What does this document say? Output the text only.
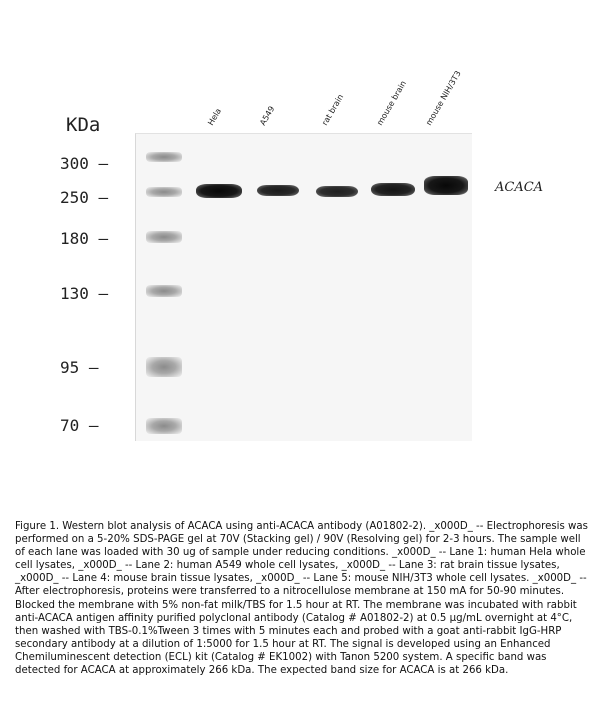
KDa
300 –
250 –
180 –
130 –
95 –
70 –
Hela	A549	rat brain	mouse brain mouse NIH/3T3
ACACA

Figure 1. Western blot analysis of ACACA using anti-ACACA antibody (A01802-2). _x000D_ -- Electrophoresis was performed on a 5-20% SDS-PAGE gel at 70V (Stacking gel) / 90V (Resolving gel) for 2-3 hours. The sample well of each lane was loaded with 30 ug of sample under reducing conditions. _x000D_ -- Lane 1: human Hela whole cell lysates, _x000D_ -- Lane 2: human A549 whole cell lysates, _x000D_ -- Lane 3: rat brain tissue lysates, _x000D_ -- Lane 4: mouse brain tissue lysates, _x000D_ -- Lane 5: mouse NIH/3T3 whole cell lysates. _x000D_ -- After electrophoresis, proteins were transferred to a nitrocellulose membrane at 150 mA for 50-90 minutes. Blocked the membrane with 5% non-fat milk/TBS for 1.5 hour at RT. The membrane was incubated with rabbit anti-ACACA antigen affinity purified polyclonal antibody (Catalog # A01802-2) at 0.5 μg/mL overnight at 4°C, then washed with TBS-0.1%Tween 3 times with 5 minutes each and probed with a goat anti-rabbit IgG-HRP secondary antibody at a dilution of 1:5000 for 1.5 hour at RT. The signal is developed using an Enhanced Chemiluminescent detection (ECL) kit (Catalog # EK1002) with Tanon 5200 system. A specific band was detected for ACACA at approximately 266 kDa. The expected band size for ACACA is at 266 kDa.
